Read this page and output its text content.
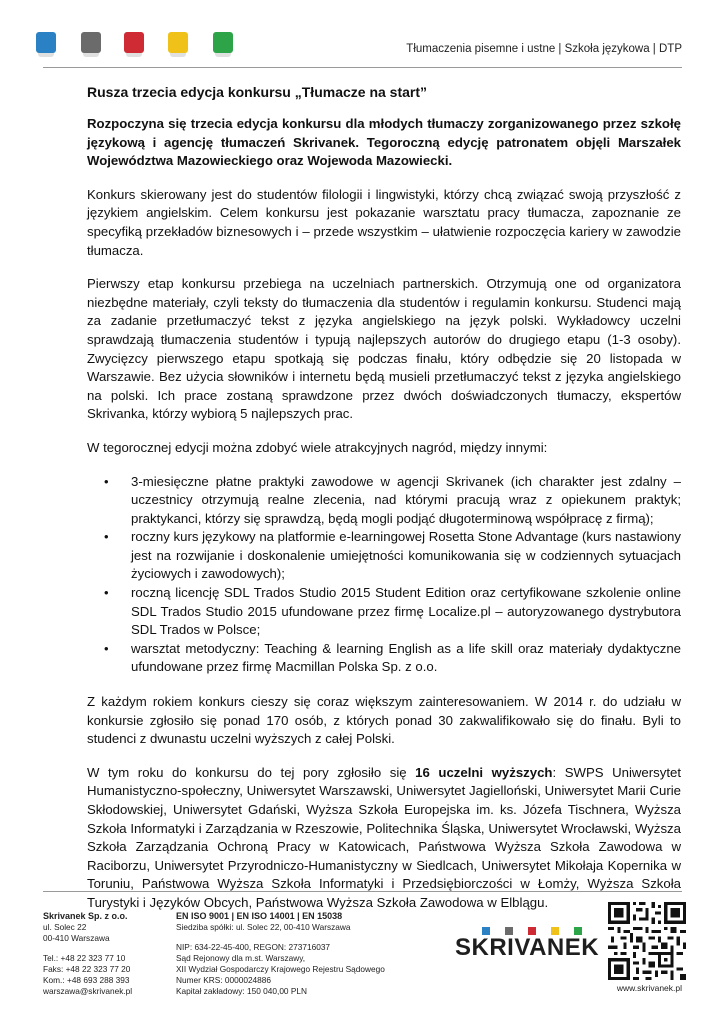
Tłumaczenia pisemne i ustne | Szkoła językowa | DTP
Rusza trzecia edycja konkursu „Tłumacze na start”

Rozpoczyna się trzecia edycja konkursu dla młodych tłumaczy zorganizowanego przez szkołę językową i agencję tłumaczeń Skrivanek. Tegoroczną edycję patronatem objęli Marszałek Województwa Mazowieckiego oraz Wojewoda Mazowiecki.

Konkurs skierowany jest do studentów filologii i lingwistyki, którzy chcą związać swoją przyszłość z językiem angielskim. Celem konkursu jest pokazanie warsztatu pracy tłumacza, zapoznanie ze specyfiką przekładów biznesowych i – przede wszystkim – ułatwienie rozpoczęcia kariery w zawodzie tłumacza.

Pierwszy etap konkursu przebiega na uczelniach partnerskich. Otrzymują one od organizatora niezbędne materiały, czyli teksty do tłumaczenia dla studentów i regulamin konkursu. Studenci mają za zadanie przetłumaczyć tekst z języka angielskiego na język polski. Wykładowcy uczelni sprawdzają tłumaczenia studentów i typują najlepszych autorów do drugiego etapu (1-3 osoby). Zwycięzcy pierwszego etapu spotkają się podczas finału, który odbędzie się 20 listopada w Warszawie. Bez użycia słowników i internetu będą musieli przetłumaczyć tekst z języka angielskiego na polski. Ich prace zostaną sprawdzone przez dwóch doświadczonych tłumaczy, ekspertów Skrivanka, którzy wybiorą 5 najlepszych prac.

W tegorocznej edycji można zdobyć wiele atrakcyjnych nagród, między innymi:

• 3-miesięczne płatne praktyki zawodowe w agencji Skrivanek (ich charakter jest zdalny – uczestnicy otrzymują realne zlecenia, nad którymi pracują wraz z opiekunem praktyk; praktykanci, którzy się sprawdzą, będą mogli podjąć długoterminową współpracę z firmą);
• roczny kurs językowy na platformie e-learningowej Rosetta Stone Advantage (kurs nastawiony jest na rozwijanie i doskonalenie umiejętności komunikowania się w codziennych sytuacjach życiowych i zawodowych);
• roczną licencję SDL Trados Studio 2015 Student Edition oraz certyfikowane szkolenie online SDL Trados Studio 2015 ufundowane przez firmę Localize.pl – autoryzowanego dystrybutora SDL Trados w Polsce;
• warsztat metodyczny: Teaching & learning English as a life skill oraz materiały dydaktyczne ufundowane przez firmę Macmillan Polska Sp. z o.o.

Z każdym rokiem konkurs cieszy się coraz większym zainteresowaniem. W 2014 r. do udziału w konkursie zgłosiło się ponad 170 osób, z których ponad 30 zakwalifikowało się do finału. Byli to studenci z dwunastu uczelni wyższych z całej Polski.

W tym roku do konkursu do tej pory zgłosiło się 16 uczelni wyższych: SWPS Uniwersytet Humanistyczno-społeczny, Uniwersytet Warszawski, Uniwersytet Jagielloński, Uniwersytet Marii Curie Skłodowskiej, Uniwersytet Gdański, Wyższa Szkoła Europejska im. ks. Józefa Tischnera, Wyższa Szkoła Informatyki i Zarządzania w Rzeszowie, Politechnika Śląska, Uniwersytet Wrocławski, Wyższa Szkoła Zarządzania Ochroną Pracy w Katowicach, Państwowa Wyższa Szkoła Zawodowa w Raciborzu, Uniwersytet Przyrodniczo-Humanistyczny w Siedlcach, Uniwersytet Mikołaja Kopernika w Toruniu, Państwowa Wyższa Szkoła Informatyki i Przedsiębiorczości w Łomży, Wyższa Szkoła Turystyki i Języków Obcych, Państwowa Wyższa Szkoła Zawodowa w Elblągu.

Skrivanek Sp. z o.o.
ul. Solec 22
00-410 Warszawa
Tel.: +48 22 323 77 10
Faks: +48 22 323 77 20
Kom.: +48 693 288 393
warszawa@skrivanek.pl
EN ISO 9001 | EN ISO 14001 | EN 15038
Siedziba spółki: ul. Solec 22, 00-410 Warszawa
NIP: 634-22-45-400, REGON: 273716037
Sąd Rejonowy dla m.st. Warszawy,
XII Wydział Gospodarczy Krajowego Rejestru Sądowego
Numer KRS: 0000024886
Kapitał zakładowy: 150 040,00 PLN
SKRIVANEK
www.skrivanek.pl
